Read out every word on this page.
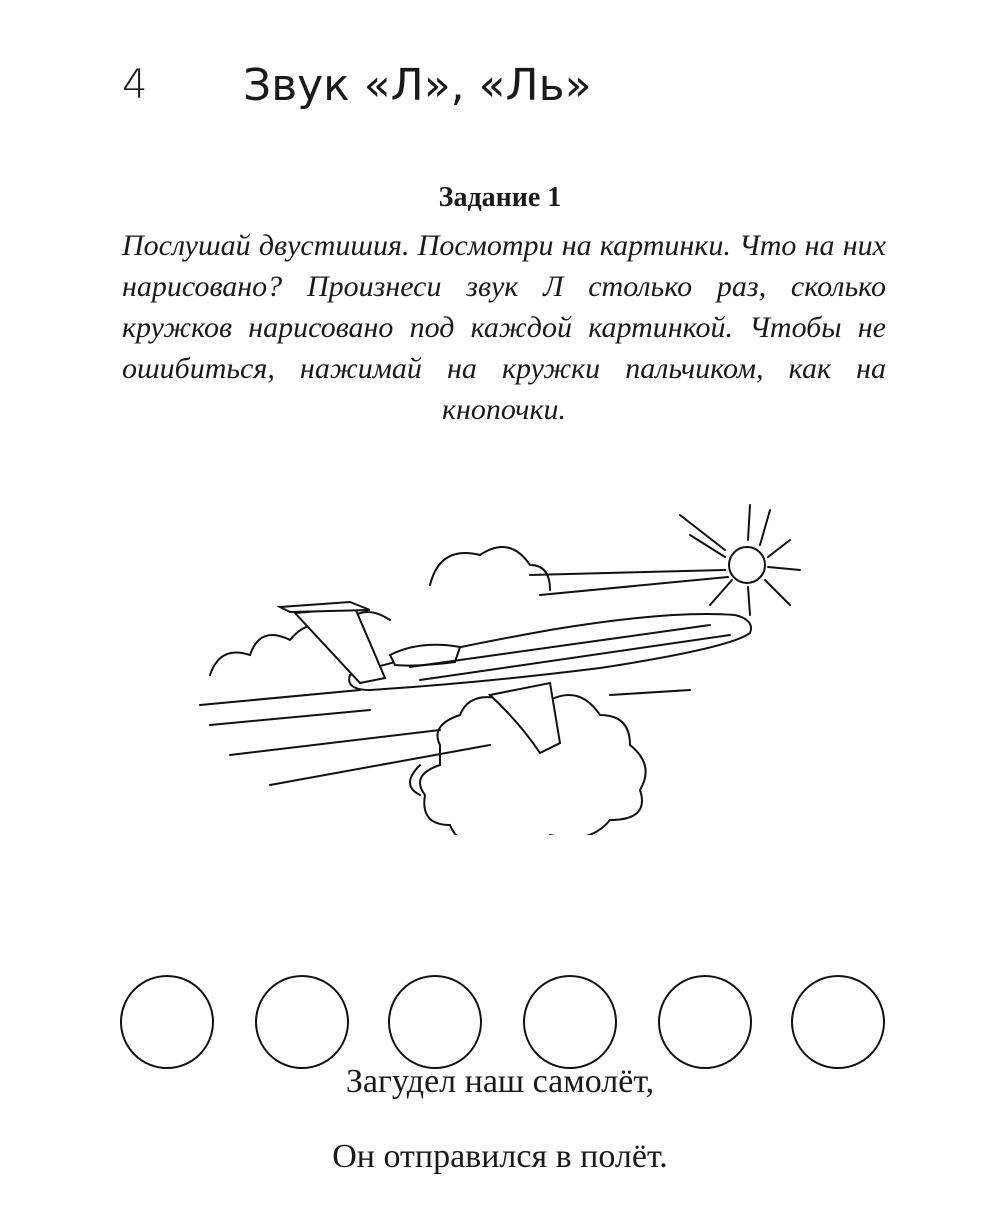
4 Звук «Л», «Ль»
Задание 1
Послушай двустишия. Посмотри на картинки. Что на них нарисовано? Произнеси звук Л столько раз, сколько кружков нарисовано под каждой картинкой. Чтобы не ошибиться, нажимай на кружки пальчиком, как на кнопочки.
Загудел наш самолёт,
Он отправился в полёт.
